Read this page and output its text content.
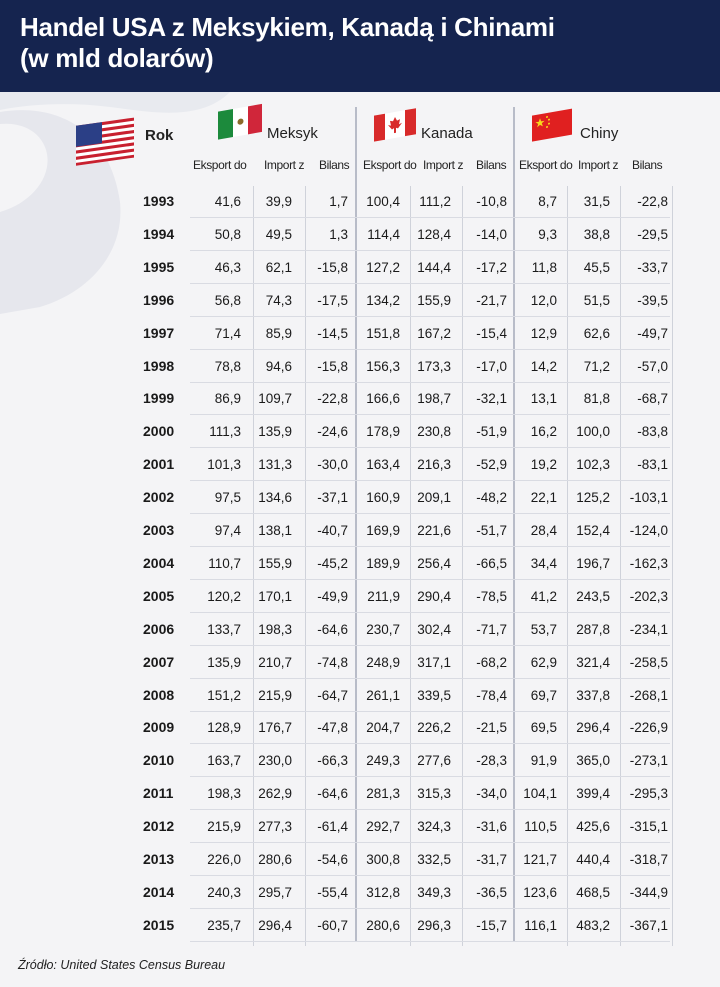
Handel USA z Meksykiem, Kanadą i Chinami
(w mld dolarów)
Rok	Meksyk	Kanada	Chiny
Eksport do Import z Bilans Eksport do Import z Bilans Eksport do Import z Bilans
Źródło: United States Census Bureau
1993	41,6 39,9	1,7 100,4 111,2 -10,8 8,7 31,5 -22,8
1994	50,8 49,5	1,3 114,4 128,4 -14,0 9,3 38,8 -29,5
1995	46,3 62,1 -15,8 127,2 144,4 -17,2 11,8 45,5 -33,7
1996	56,8 74,3 -17,5 134,2 155,9 -21,7 12,0 51,5 -39,5
1997	71,4 85,9 -14,5 151,8 167,2 -15,4 12,9 62,6 -49,7
1998	78,8 94,6 -15,8 156,3 173,3 -17,0 14,2 71,2 -57,0
1999	86,9 109,7 -22,8 166,6 198,7 -32,1 13,1 81,8 -68,7
2000	111,3 135,9 -24,6 178,9 230,8 -51,9 16,2 100,0 -83,8
2001 101,3 131,3 -30,0 163,4 216,3 -52,9 19,2 102,3 -83,1
2002	97,5 134,6 -37,1 160,9 209,1 -48,2 22,1 125,2 -103,1
2003	97,4 138,1 -40,7 169,9 221,6 -51,7 28,4 152,4 -124,0
2004	110,7 155,9 -45,2 189,9 256,4 -66,5 34,4 196,7 -162,3
2005 120,2 170,1 -49,9 211,9 290,4 -78,5 41,2 243,5 -202,3
2006 133,7 198,3 -64,6 230,7 302,4 -71,7 53,7 287,8 -234,1
2007 135,9 210,7 -74,8 248,9 317,1 -68,2 62,9 321,4 -258,5
2008 151,2 215,9 -64,7 261,1 339,5 -78,4 69,7 337,8 -268,1
2009 128,9 176,7 -47,8 204,7 226,2 -21,5 69,5 296,4 -226,9
2010 163,7 230,0 -66,3 249,3 277,6 -28,3 91,9 365,0 -273,1
2011	198,3 262,9 -64,6 281,3 315,3 -34,0 104,1 399,4 -295,3
2012 215,9 277,3 -61,4 292,7 324,3 -31,6 110,5 425,6 -315,1
2013 226,0 280,6 -54,6 300,8 332,5 -31,7 121,7 440,4 -318,7
2014 240,3 295,7 -55,4 312,8 349,3 -36,5 123,6 468,5 -344,9
2015 235,7 296,4 -60,7 280,6 296,3 -15,7 116,1 483,2 -367,1
